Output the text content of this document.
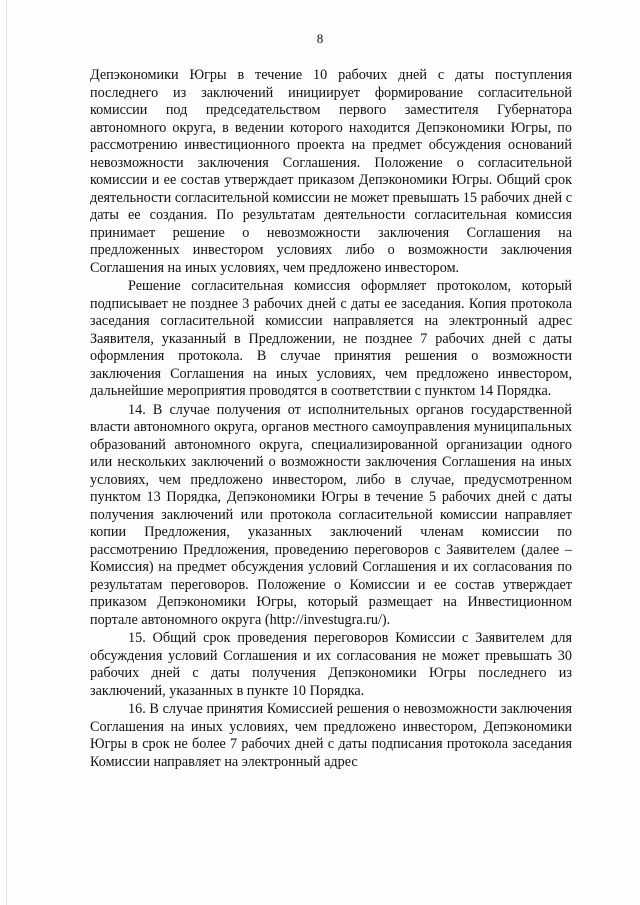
8

Депэкономики Югры в течение 10 рабочих дней с даты поступления последнего из заключений инициирует формирование согласительной комиссии под председательством первого заместителя Губернатора автономного округа, в ведении которого находится Депэкономики Югры, по рассмотрению инвестиционного проекта на предмет обсуждения оснований невозможности заключения Соглашения. Положение о согласительной комиссии и ее состав утверждает приказом Депэкономики Югры. Общий срок деятельности согласительной комиссии не может превышать 15 рабочих дней с даты ее создания. По результатам деятельности согласительная комиссия принимает решение о невозможности заключения Соглашения на предложенных инвестором условиях либо о возможности заключения Соглашения на иных условиях, чем предложено инвестором.

Решение согласительная комиссия оформляет протоколом, который подписывает не позднее 3 рабочих дней с даты ее заседания. Копия протокола заседания согласительной комиссии направляется на электронный адрес Заявителя, указанный в Предложении, не позднее 7 рабочих дней с даты оформления протокола. В случае принятия решения о возможности заключения Соглашения на иных условиях, чем предложено инвестором, дальнейшие мероприятия проводятся в соответствии с пунктом 14 Порядка.

14. В случае получения от исполнительных органов государственной власти автономного округа, органов местного самоуправления муниципальных образований автономного округа, специализированной организации одного или нескольких заключений о возможности заключения Соглашения на иных условиях, чем предложено инвестором, либо в случае, предусмотренном пунктом 13 Порядка, Депэкономики Югры в течение 5 рабочих дней с даты получения заключений или протокола согласительной комиссии направляет копии Предложения, указанных заключений членам комиссии по рассмотрению Предложения, проведению переговоров с Заявителем (далее – Комиссия) на предмет обсуждения условий Соглашения и их согласования по результатам переговоров. Положение о Комиссии и ее состав утверждает приказом Депэкономики Югры, который размещает на Инвестиционном портале автономного округа (http://investugra.ru/).

15. Общий срок проведения переговоров Комиссии с Заявителем для обсуждения условий Соглашения и их согласования не может превышать 30 рабочих дней с даты получения Депэкономики Югры последнего из заключений, указанных в пункте 10 Порядка.

16. В случае принятия Комиссией решения о невозможности заключения Соглашения на иных условиях, чем предложено инвестором, Депэкономики Югры в срок не более 7 рабочих дней с даты подписания протокола заседания Комиссии направляет на электронный адрес
